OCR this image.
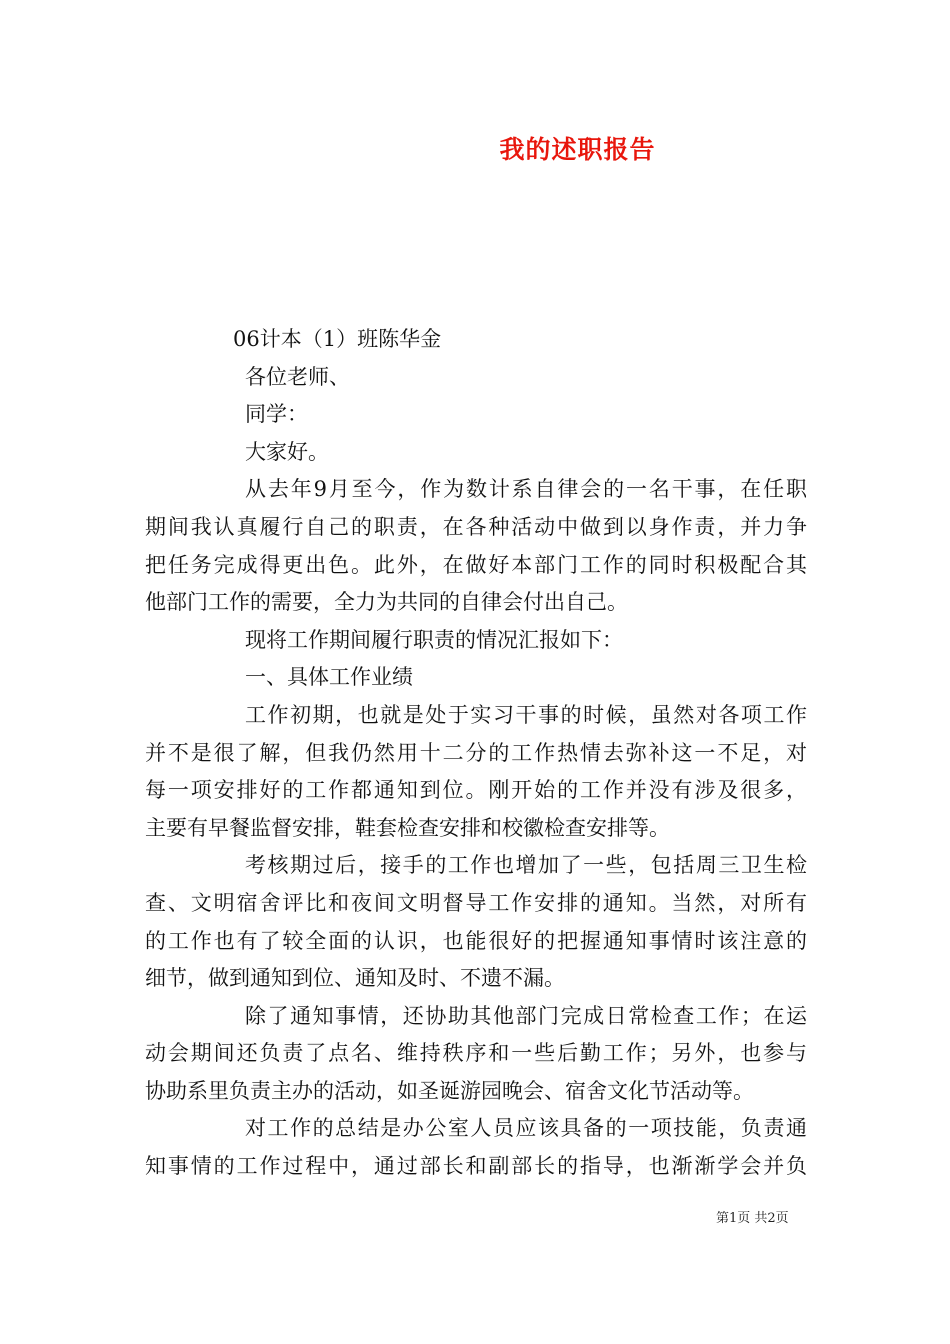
我的述职报告
06计本（1）班陈华金
各位老师、
同学：
大家好。
从去年9月至今，作为数计系自律会的一名干事，在任职
期间我认真履行自己的职责，在各种活动中做到以身作责，并力争
把任务完成得更出色。此外，在做好本部门工作的同时积极配合其
他部门工作的需要，全力为共同的自律会付出自己。
现将工作期间履行职责的情况汇报如下：
一、具体工作业绩
工作初期，也就是处于实习干事的时候，虽然对各项工作
并不是很了解，但我仍然用十二分的工作热情去弥补这一不足，对
每一项安排好的工作都通知到位。刚开始的工作并没有涉及很多，
主要有早餐监督安排，鞋套检查安排和校徽检查安排等。
考核期过后，接手的工作也增加了一些，包括周三卫生检
查、文明宿舍评比和夜间文明督导工作安排的通知。当然，对所有
的工作也有了较全面的认识，也能很好的把握通知事情时该注意的
细节，做到通知到位、通知及时、不遗不漏。
除了通知事情，还协助其他部门完成日常检查工作；在运
动会期间还负责了点名、维持秩序和一些后勤工作；另外，也参与
协助系里负责主办的活动，如圣诞游园晚会、宿舍文化节活动等。
对工作的总结是办公室人员应该具备的一项技能，负责通
知事情的工作过程中，通过部长和副部长的指导，也渐渐学会并负
第1页 共2页
